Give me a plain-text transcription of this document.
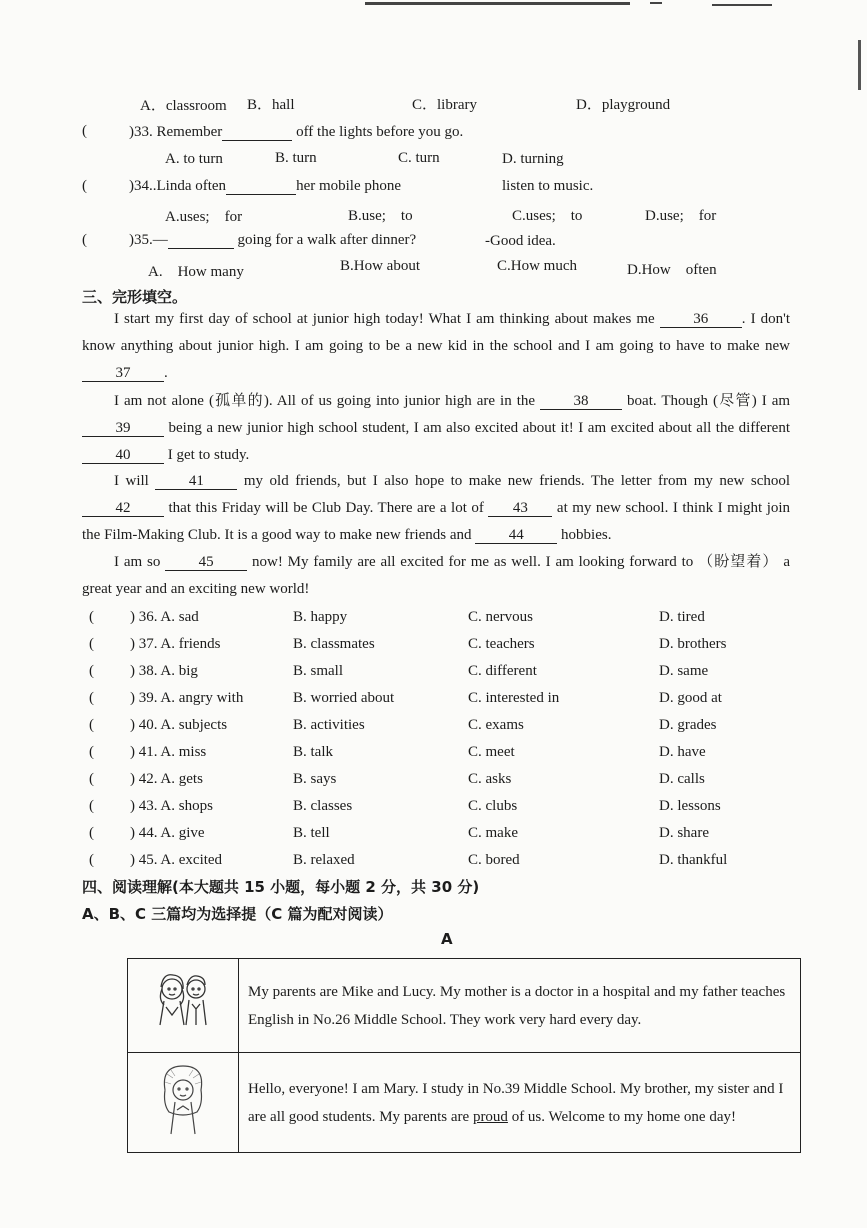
A．classroom B．hall	C．library	D．playground
(	)33. Remember	off the lights before you go.
A. to turn	B. turn	C. turn	D. turning
(	)34..Linda often	her mobile phone	listen to music.
A.uses;　for	B.use;　to	C.uses;　to	D.use;　for
(	)35.—	going for a walk after dinner?	-Good idea.
A.　How many	B.How about	C.How much	D.How　often
三、完形填空。
I start my first day of school at junior high today! What I am thinking about makes me	36 . I don't know anything about junior high. I am going to be a new kid in the school and I am going to have to make new 37 .
I am not alone (孤单的). All of us going into junior high are in the	38	boat. Though (尽管) I am 39	being a new junior high school student, I am also excited about it! I am excited about all the different 40 I get to study.
I will	41	my old friends, but I also hope to make new friends. The letter from my new school 42	that this Friday will be Club Day. There are a lot of 43 at my new school. I think I might join the Film-Making Club. It is a good way to make new friends and 44 hobbies.
I am so	45	now! My family are all excited for me as well. I am looking forward to （盼望着） a great year and an exciting new world!
( ) 36. A. sad	B. happy	C. nervous	D. tired
( ) 37. A. friends	B. classmates	C. teachers	D. brothers
( ) 38. A. big	B. small	C. different	D. same
( ) 39. A. angry with	B. worried about	C. interested in	D. good at
( ) 40. A. subjects	B. activities	C. exams	D. grades
( ) 41. A. miss	B. talk	C. meet	D. have
( ) 42. A. gets	B. says	C. asks	D. calls
( ) 43. A. shops	B. classes	C. clubs	D. lessons
( ) 44. A. give	B. tell	C. make	D. share
( ) 45. A. excited	B. relaxed	C. bored	D. thankful
四、阅读理解(本大题共 15 小题，每小题 2 分，共 30 分)
A、B、C 三篇均为选择提（C 篇为配对阅读）
A
	My parents are Mike and Lucy. My mother is a doctor in a hospital and my father teaches English in No.26 Middle School. They work very hard every day.
	Hello, everyone! I am Mary. I study in No.39 Middle School. My brother, my sister and I are all good students. My parents are proud of us. Welcome to my home one day!
